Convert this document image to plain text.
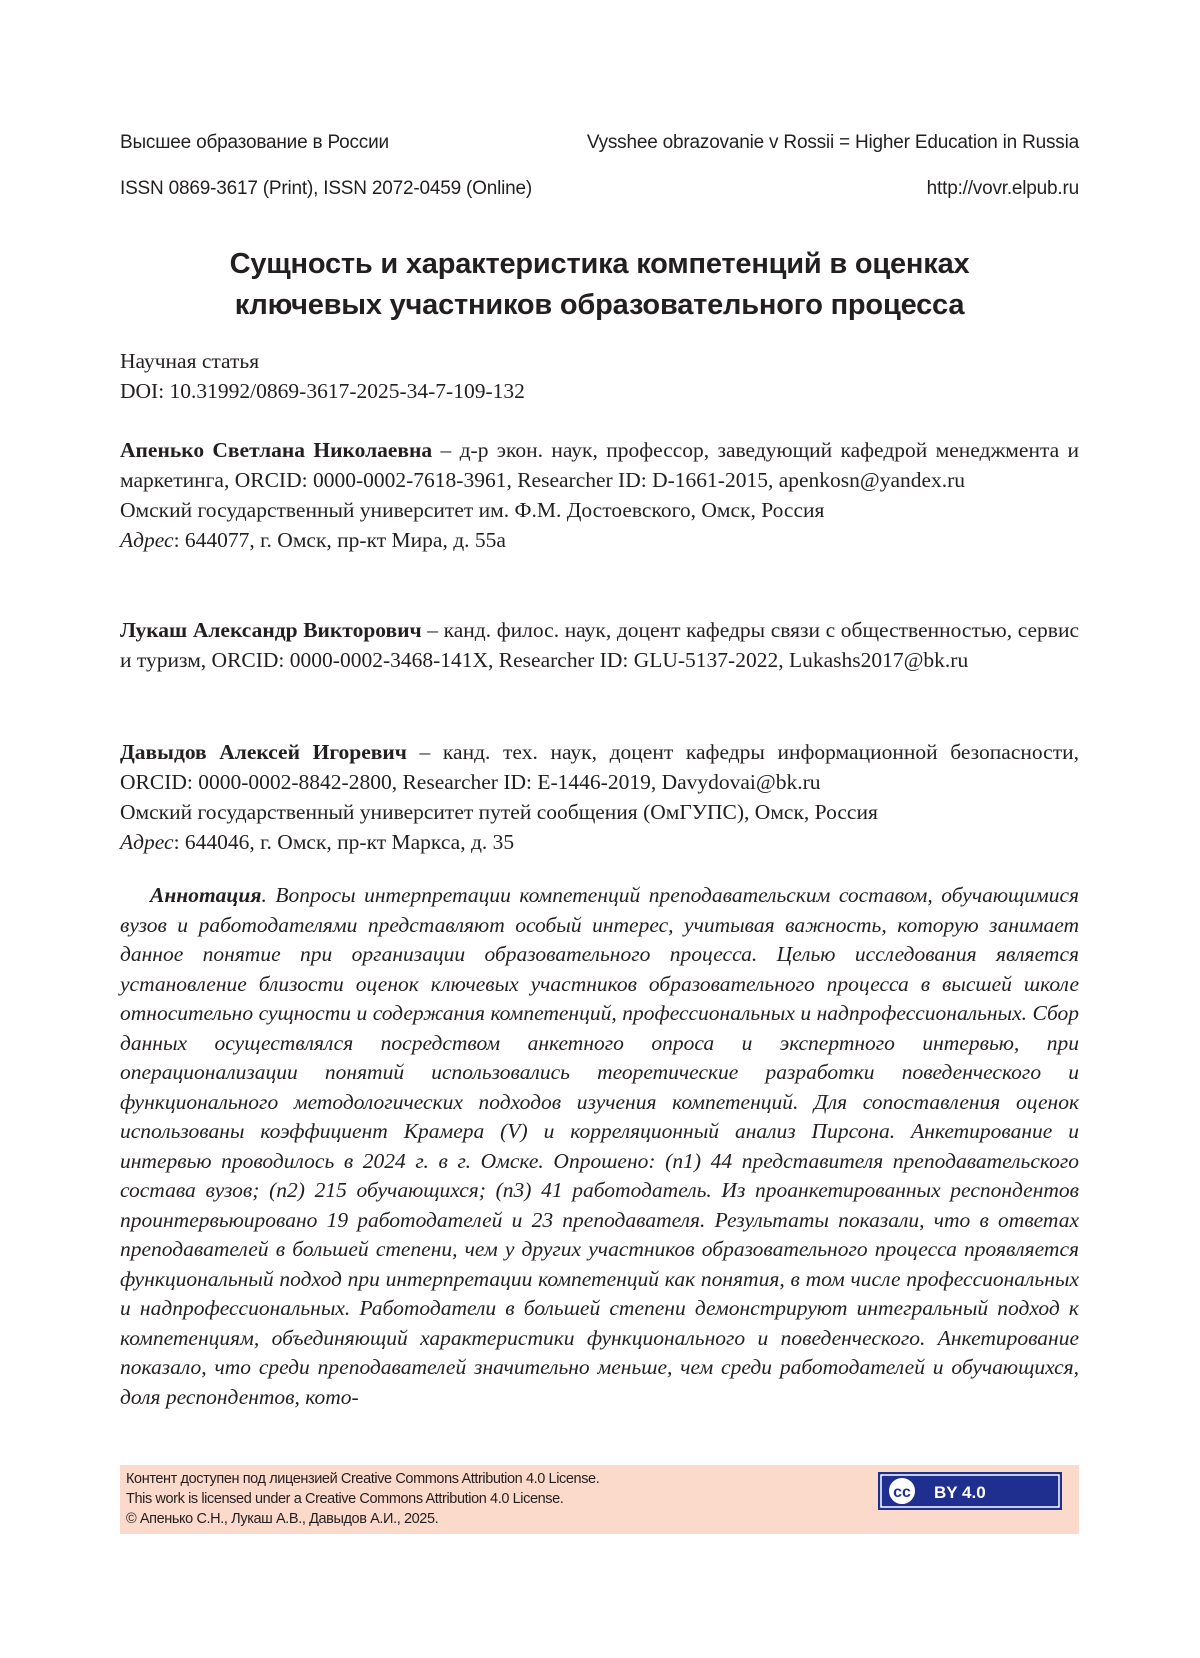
Высшее образование в России	Vysshee obrazovanie v Rossii = Higher Education in Russia
ISSN 0869-3617 (Print), ISSN 2072-0459 (Online)	http://vovr.elpub.ru
Сущность и характеристика компетенций в оценках
ключевых участников образовательного процесса
Научная статья
DOI: 10.31992/0869-3617-2025-34-7-109-132
Апенько Светлана Николаевна – д-р экон. наук, профессор, заведующий кафедрой менеджмента и маркетинга, ORCID: 0000-0002-7618-3961, Researcher ID: D-1661-2015, apenkosn@yandex.ru
Омский государственный университет им. Ф.М. Достоевского, Омск, Россия
Адрес: 644077, г. Омск, пр-кт Мира, д. 55а
Лукаш Александр Викторович – канд. филос. наук, доцент кафедры связи с общественностью, сервис и туризм, ORCID: 0000-0002-3468-141X, Researcher ID: GLU-5137-2022, Lukashs2017@bk.ru
Давыдов Алексей Игоревич – канд. тех. наук, доцент кафедры информационной безопасности, ORCID: 0000-0002-8842-2800, Researcher ID: E-1446-2019, Davydovai@bk.ru
Омский государственный университет путей сообщения (ОмГУПС), Омск, Россия
Адрес: 644046, г. Омск, пр-кт Маркса, д. 35
Аннотация. Вопросы интерпретации компетенций преподавательским составом, обучающимися вузов и работодателями представляют особый интерес, учитывая важность, которую занимает данное понятие при организации образовательного процесса. Целью исследования является установление близости оценок ключевых участников образовательного процесса в высшей школе относительно сущности и содержания компетенций, профессиональных и надпрофессиональных. Сбор данных осуществлялся посредством анкетного опроса и экспертного интервью, при операционализации понятий использовались теоретические разработки поведенческого и функционального методологических подходов изучения компетенций. Для сопоставления оценок использованы коэффициент Крамера (V) и корреляционный анализ Пирсона. Анкетирование и интервью проводилось в 2024 г. в г. Омске. Опрошено: (n1) 44 представителя преподавательского состава вузов; (n2) 215 обучающихся; (n3) 41 работодатель. Из проанкетированных респондентов проинтервьюировано 19 работодателей и 23 преподавателя. Результаты показали, что в ответах преподавателей в большей степени, чем у других участников образовательного процесса проявляется функциональный подход при интерпретации компетенций как понятия, в том числе профессиональных и надпрофессиональных. Работодатели в большей степени демонстрируют интегральный подход к компетенциям, объединяющий характеристики функционального и поведенческого. Анкетирование показало, что среди преподавателей значительно меньше, чем среди работодателей и обучающихся, доля респондентов, кото-
Контент доступен под лицензией Creative Commons Attribution 4.0 License.
This work is licensed under a Creative Commons Attribution 4.0 License.
© Апенько С.Н., Лукаш А.В., Давыдов А.И., 2025.
cc BY 4.0
